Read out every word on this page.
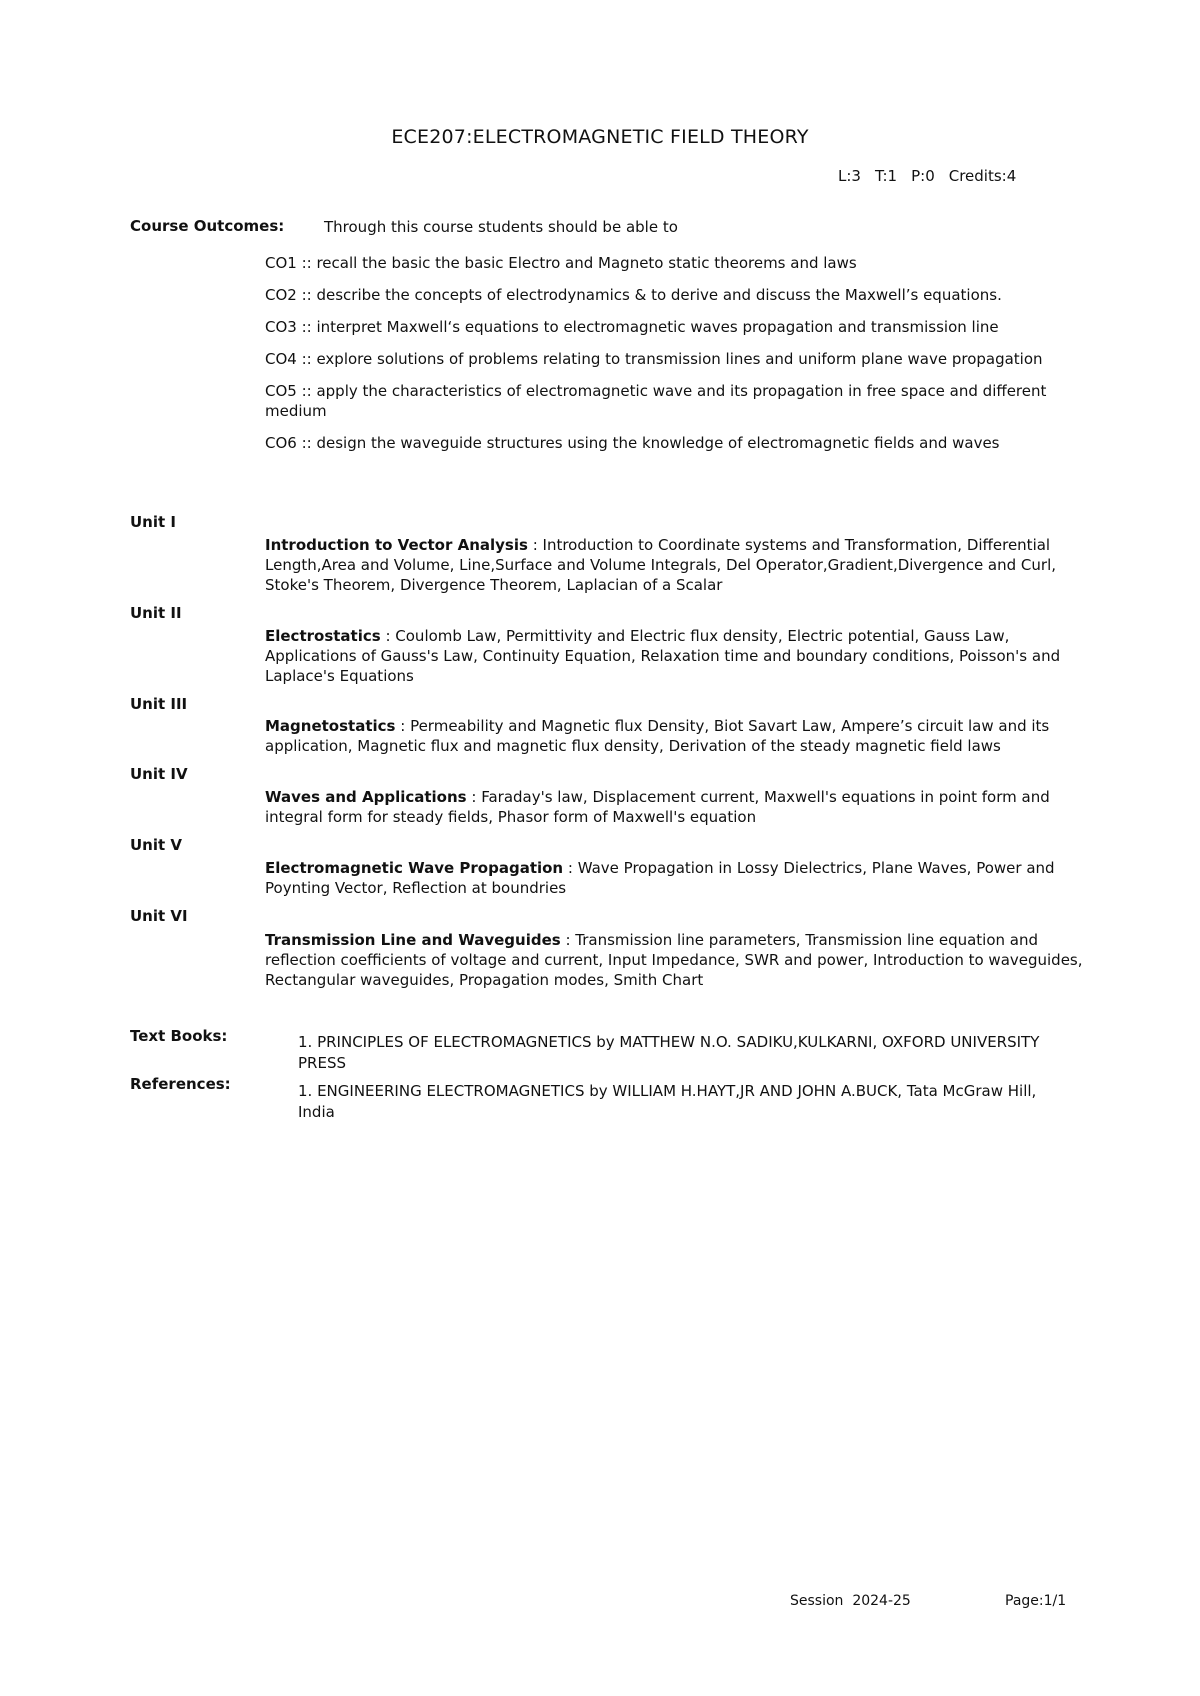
ECE207:ELECTROMAGNETIC FIELD THEORY
L:3 T:1 P:0 Credits:4
Course Outcomes:	Through this course students should be able to
CO1 :: recall the basic the basic Electro and Magneto static theorems and laws
CO2 :: describe the concepts of electrodynamics & to derive and discuss the Maxwell’s equations.
CO3 :: interpret Maxwell‘s equations to electromagnetic waves propagation and transmission line
CO4 :: explore solutions of problems relating to transmission lines and uniform plane wave propagation
CO5 :: apply the characteristics of electromagnetic wave and its propagation in free space and different medium
CO6 :: design the waveguide structures using the knowledge of electromagnetic fields and waves
Unit I
Introduction to Vector Analysis : Introduction to Coordinate systems and Transformation, Differential Length,Area and Volume, Line,Surface and Volume Integrals, Del Operator,Gradient,Divergence and Curl, Stoke's Theorem, Divergence Theorem, Laplacian of a Scalar
Unit II
Electrostatics : Coulomb Law, Permittivity and Electric flux density, Electric potential, Gauss Law, Applications of Gauss's Law, Continuity Equation, Relaxation time and boundary conditions, Poisson's and Laplace's Equations
Unit III
Magnetostatics : Permeability and Magnetic flux Density, Biot Savart Law, Ampere’s circuit law and its application, Magnetic flux and magnetic flux density, Derivation of the steady magnetic field laws
Unit IV
Waves and Applications : Faraday's law, Displacement current, Maxwell's equations in point form and integral form for steady fields, Phasor form of Maxwell's equation
Unit V
Electromagnetic Wave Propagation : Wave Propagation in Lossy Dielectrics, Plane Waves, Power and Poynting Vector, Reflection at boundries
Unit VI
Transmission Line and Waveguides : Transmission line parameters, Transmission line equation and reflection coefficients of voltage and current, Input Impedance, SWR and power, Introduction to waveguides, Rectangular waveguides, Propagation modes, Smith Chart
Text Books:	1. PRINCIPLES OF ELECTROMAGNETICS by MATTHEW N.O. SADIKU,KULKARNI, OXFORD UNIVERSITY PRESS
References:	1. ENGINEERING ELECTROMAGNETICS by WILLIAM H.HAYT,JR AND JOHN A.BUCK, Tata McGraw Hill, India
Session 2024-25	Page:1/1
